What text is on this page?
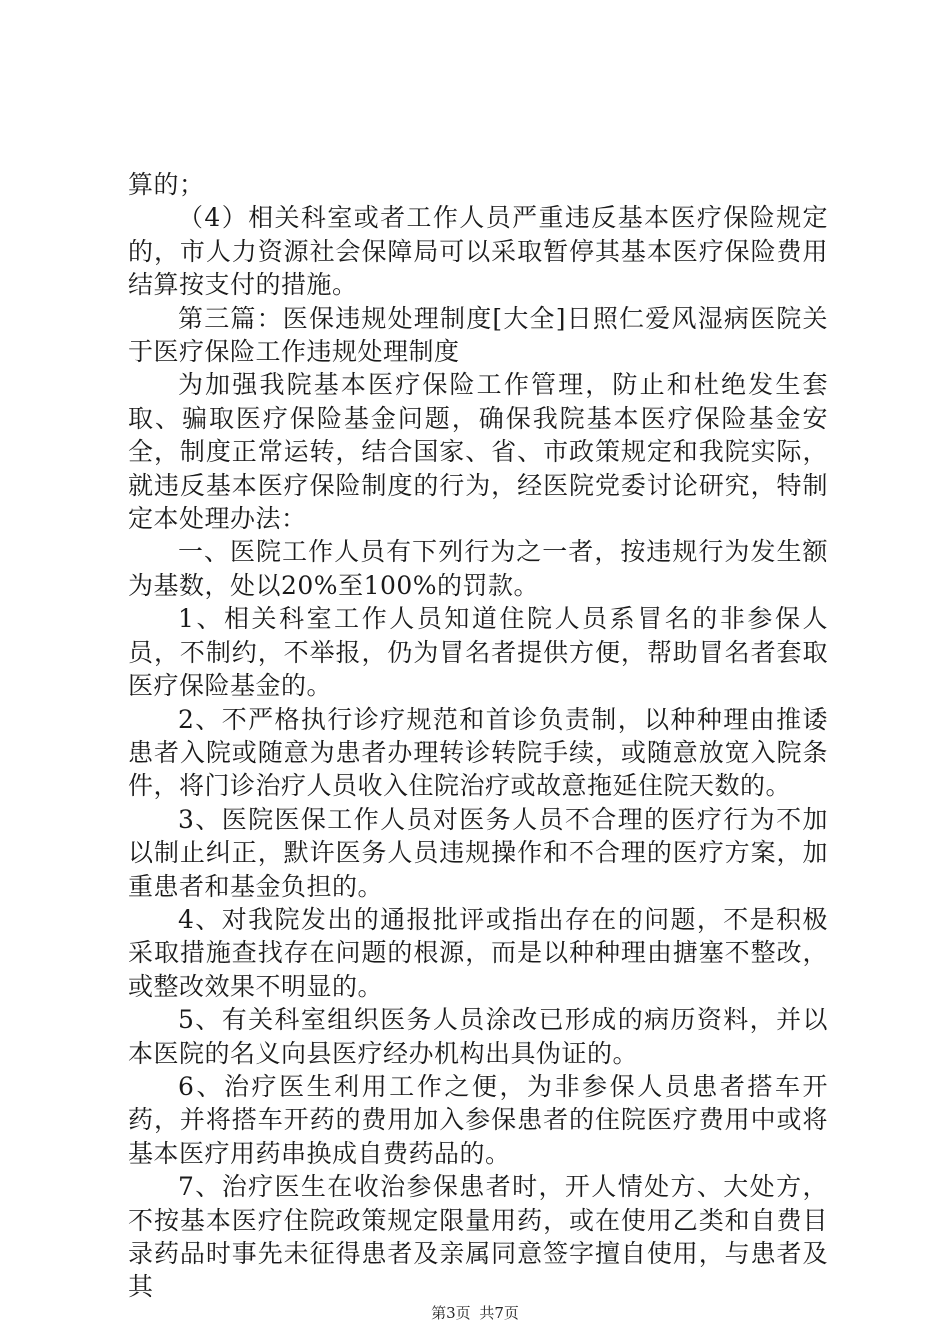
算的；

（4）相关科室或者工作人员严重违反基本医疗保险规定的，市人力资源社会保障局可以采取暂停其基本医疗保险费用结算按支付的措施。

第三篇：医保违规处理制度[大全]日照仁爱风湿病医院关于医疗保险工作违规处理制度

为加强我院基本医疗保险工作管理，防止和杜绝发生套取、骗取医疗保险基金问题，确保我院基本医疗保险基金安全，制度正常运转，结合国家、省、市政策规定和我院实际，就违反基本医疗保险制度的行为，经医院党委讨论研究，特制定本处理办法：

一、医院工作人员有下列行为之一者，按违规行为发生额为基数，处以20%至100%的罚款。

1、相关科室工作人员知道住院人员系冒名的非参保人员，不制约，不举报，仍为冒名者提供方便，帮助冒名者套取医疗保险基金的。

2、不严格执行诊疗规范和首诊负责制，以种种理由推诿患者入院或随意为患者办理转诊转院手续，或随意放宽入院条件，将门诊治疗人员收入住院治疗或故意拖延住院天数的。

3、医院医保工作人员对医务人员不合理的医疗行为不加以制止纠正，默许医务人员违规操作和不合理的医疗方案，加重患者和基金负担的。

4、对我院发出的通报批评或指出存在的问题，不是积极采取措施查找存在问题的根源，而是以种种理由搪塞不整改，或整改效果不明显的。

5、有关科室组织医务人员涂改已形成的病历资料，并以本医院的名义向县医疗经办机构出具伪证的。

6、治疗医生利用工作之便，为非参保人员患者搭车开药，并将搭车开药的费用加入参保患者的住院医疗费用中或将基本医疗用药串换成自费药品的。

7、治疗医生在收治参保患者时，开人情处方、大处方，不按基本医疗住院政策规定限量用药，或在使用乙类和自费目录药品时事先未征得患者及亲属同意签字擅自使用，与患者及其

第3页 共7页
